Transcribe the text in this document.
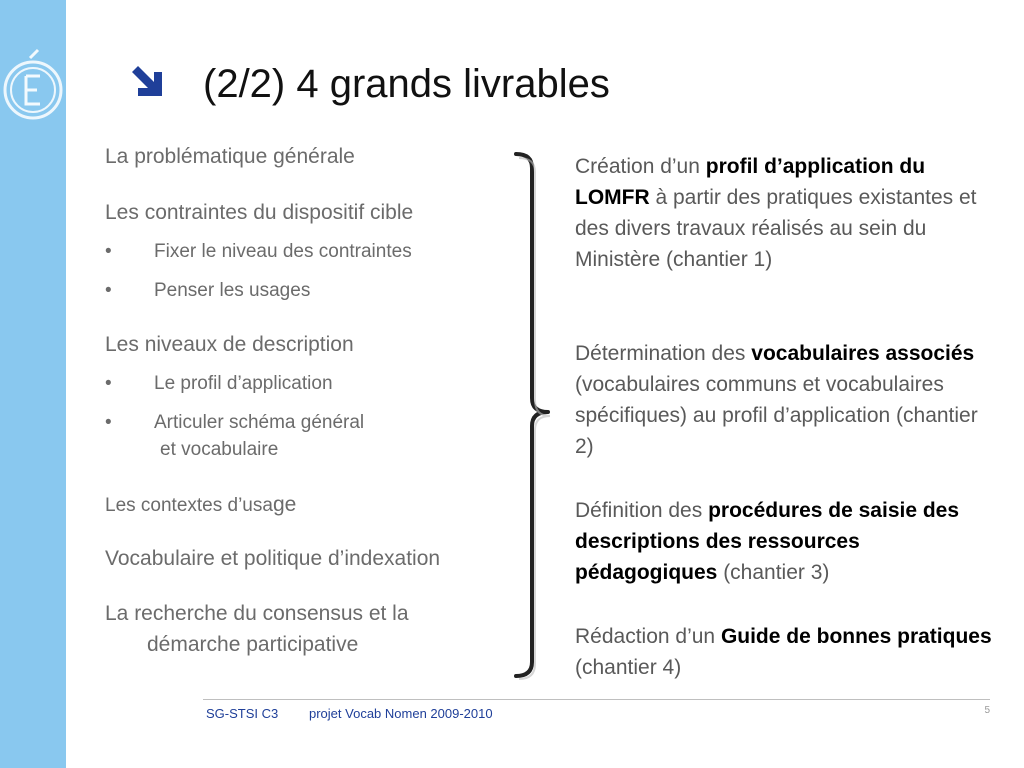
(2/2) 4 grands livrables
La problématique générale
Les contraintes du dispositif cible
• Fixer le niveau des contraintes
• Penser les usages
Les niveaux de description
• Le profil d’application
• Articuler schéma général
et vocabulaire
Les contextes d’usage
Vocabulaire et politique d’indexation
La recherche du consensus et la
démarche participative
Création d’un profil d’application du LOMFR à partir des pratiques existantes et des divers travaux réalisés au sein du Ministère (chantier 1)
Détermination des vocabulaires associés (vocabulaires communs et vocabulaires spécifiques) au profil d’application (chantier 2)
Définition des procédures de saisie des descriptions des ressources pédagogiques (chantier 3)
Rédaction d’un Guide de bonnes pratiques (chantier 4)
SG-STSI C3 projet Vocab Nomen 2009-2010	5
